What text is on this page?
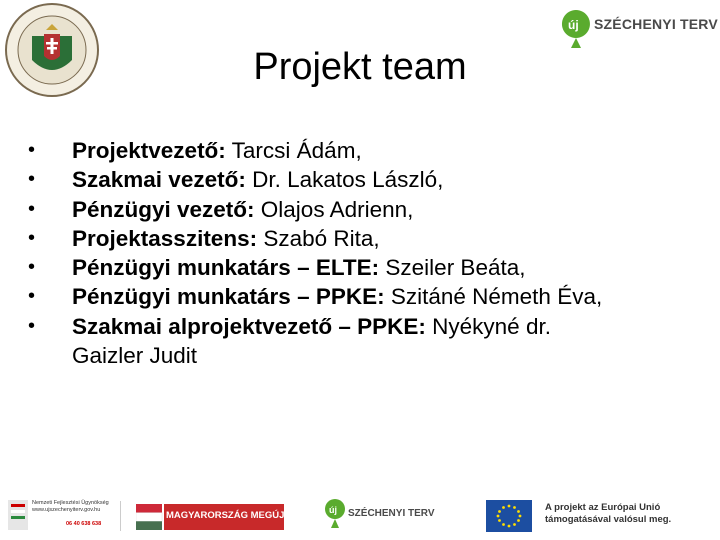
új SZÉCHENYI TERV
Projekt team
• Projektvezető: Tarcsi Ádám,
• Szakmai vezető: Dr. Lakatos László,
• Pénzügyi vezető: Olajos Adrienn,
• Projektasszitens: Szabó Rita,
• Pénzügyi munkatárs – ELTE: Szeiler Beáta,
• Pénzügyi munkatárs – PPKE: Szitáné Németh Éva,
• Szakmai alprojektvezető – PPKE: Nyékyné dr.
Gaizler Judit
Nemzeti Fejlesztési Ügynökség
www.ujszechenyiterv.gov.hu
06 40 638 638
MAGYARORSZÁG MEGÚJUL	új SZÉCHENYI TERV
A projekt az Európai Unió
támogatásával valósul meg.
